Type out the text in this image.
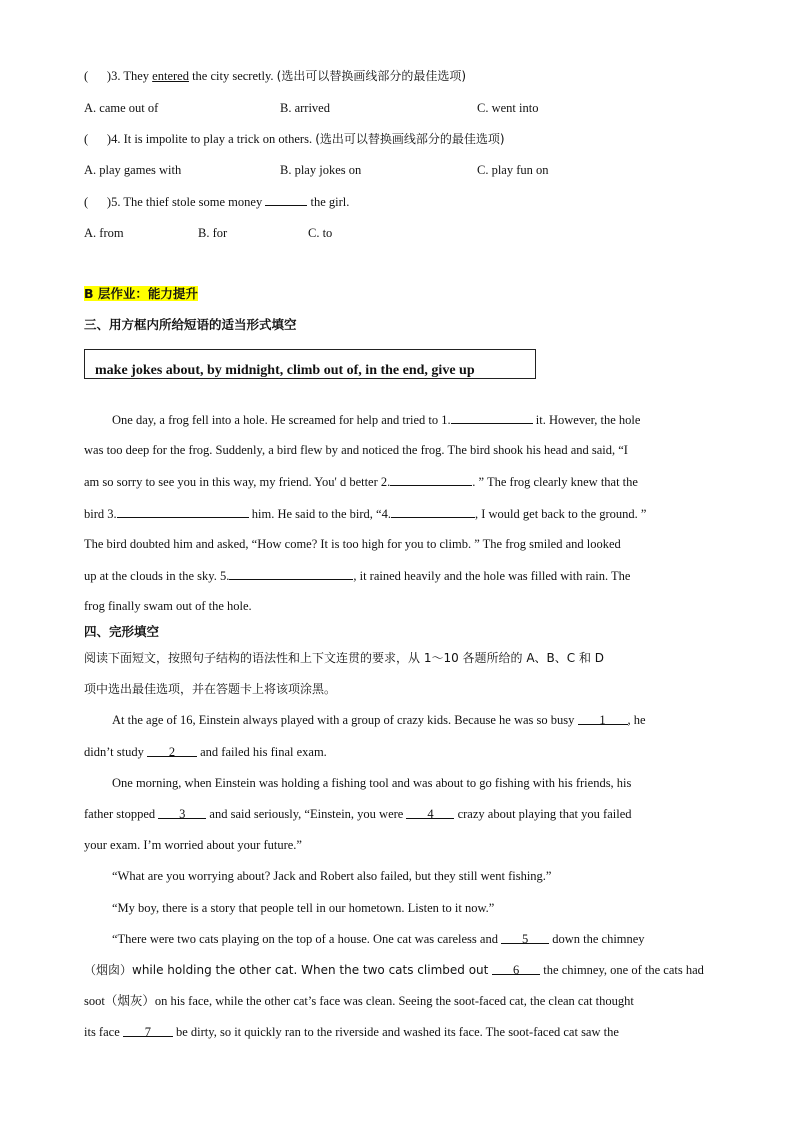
(      )3. They entered the city secretly. (选出可以替换画线部分的最佳选项)
A. came out of	B. arrived	C. went into
(      )4. It is impolite to play a trick on others. (选出可以替换画线部分的最佳选项)
A. play games with	B. play jokes on	C. play fun on
(      )5. The thief stole some money	the girl.
A. from	B. for	C. to
B 层作业：能力提升
三、用方框内所给短语的适当形式填空
make jokes about, by midnight, climb out of, in the end, give up
One day, a frog fell into a hole. He screamed for help and tried to 1.	it. However, the hole
was too deep for the frog. Suddenly, a bird flew by and noticed the frog. The bird shook his head and said, “I
am so sorry to see you in this way, my friend. You' d better 2.	. ” The frog clearly knew that the
bird 3.	him. He said to the bird, “4.	, I would get back to the ground. ”
The bird doubted him and asked, “How come? It is too high for you to climb. ” The frog smiled and looked
up at the clouds in the sky. 5.	, it rained heavily and the hole was filled with rain. The
frog finally swam out of the hole.
四、完形填空
阅读下面短文，按照句子结构的语法性和上下文连贯的要求，从 1～10 各题所给的 A、B、C 和 D
项中选出最佳选项，并在答题卡上将该项涂黑。
At the age of 16, Einstein always played with a group of crazy kids. Because he was so busy 1 , he
didn’t study 2 and failed his final exam.
One morning, when Einstein was holding a fishing tool and was about to go fishing with his friends, his
father stopped 3 and said seriously, “Einstein, you were 4 crazy about playing that you failed
your exam. I’m worried about your future.”
“What are you worrying about? Jack and Robert also failed, but they still went fishing.”
“My boy, there is a story that people tell in our hometown. Listen to it now.”
“There were two cats playing on the top of a house. One cat was careless and 5 down the chimney
（烟囱）while holding the other cat. When the two cats climbed out 6 the chimney, one of the cats had
soot（烟灰）on his face, while the other cat’s face was clean. Seeing the soot-faced cat, the clean cat thought
its face 7 be dirty, so it quickly ran to the riverside and washed its face. The soot-faced cat saw the
